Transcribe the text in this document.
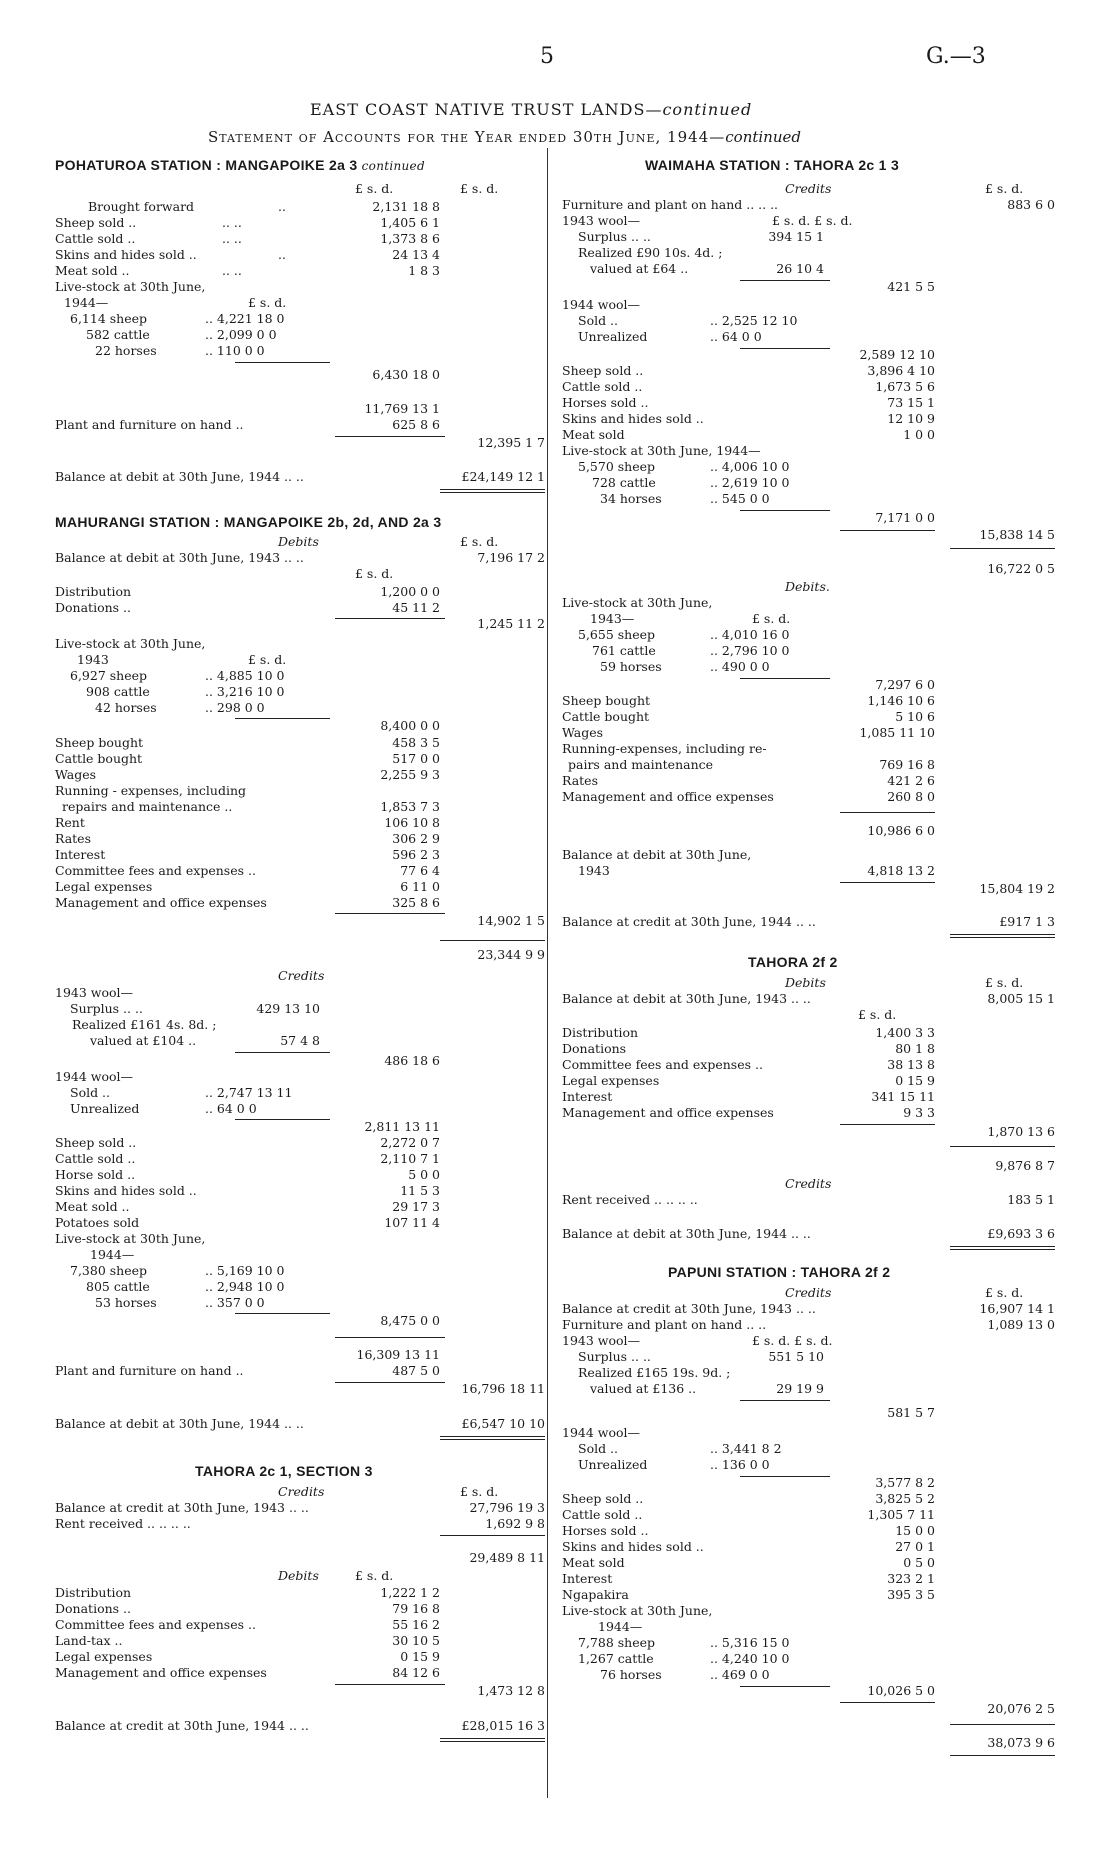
5	G.—3
EAST COAST NATIVE TRUST LANDS—continued
Statement of Accounts for the Year ended 30th June, 1944—continued
POHATUROA STATION : MANGAPOIKE 2a 3 continued
£ s. d.	£ s. d.
Brought forward	..	2,131 18 8
Sheep sold ..	.. ..	1,405 6 1
Cattle sold ..	.. ..	1,373 8 6
Skins and hides sold ..	..	24 13 4
Meat sold ..	.. ..	1 8 3
Live-stock at 30th June,
1944—	£ s. d.
6,114 sheep	.. 4,221 18 0
582 cattle	.. 2,099 0 0
22 horses	.. 110 0 0
6,430 18 0
11,769 13 1
Plant and furniture on hand ..	625 8 6
12,395 1 7
Balance at debit at 30th June, 1944 .. ..	£24,149 12 1
MAHURANGI STATION : MANGAPOIKE 2b, 2d, AND 2a 3
Debits	£ s. d.
Balance at debit at 30th June, 1943 .. ..	7,196 17 2
£ s. d.
Distribution	1,200 0 0
Donations ..	45 11 2
1,245 11 2
Live-stock at 30th June,
1943	£ s. d.
6,927 sheep	.. 4,885 10 0
908 cattle	.. 3,216 10 0
42 horses	.. 298 0 0
8,400 0 0
Sheep bought	458 3 5
Cattle bought	517 0 0
Wages	2,255 9 3
Running - expenses, including
repairs and maintenance ..	1,853 7 3
Rent	106 10 8
Rates	306 2 9
Interest	596 2 3
Committee fees and expenses ..	77 6 4
Legal expenses	6 11 0
Management and office expenses	325 8 6
14,902 1 5
23,344 9 9
Credits
1943 wool—
Surplus .. ..	429 13 10
Realized £161 4s. 8d. ;
valued at £104 ..	57 4 8
486 18 6
1944 wool—
Sold ..	.. 2,747 13 11
Unrealized	.. 64 0 0
2,811 13 11
Sheep sold ..	2,272 0 7
Cattle sold ..	2,110 7 1
Horse sold ..	5 0 0
Skins and hides sold ..	11 5 3
Meat sold ..	29 17 3
Potatoes sold	107 11 4
Live-stock at 30th June,
1944—
7,380 sheep	.. 5,169 10 0
805 cattle	.. 2,948 10 0
53 horses	.. 357 0 0
8,475 0 0
16,309 13 11
Plant and furniture on hand ..	487 5 0
16,796 18 11
Balance at debit at 30th June, 1944 .. ..	£6,547 10 10
TAHORA 2c 1, SECTION 3
Credits	£ s. d.
Balance at credit at 30th June, 1943 .. ..	27,796 19 3
Rent received .. .. .. ..	1,692 9 8
29,489 8 11
Debits	£ s. d.
Distribution	1,222 1 2
Donations ..	79 16 8
Committee fees and expenses ..	55 16 2
Land-tax ..	30 10 5
Legal expenses	0 15 9
Management and office expenses	84 12 6
1,473 12 8
Balance at credit at 30th June, 1944 .. ..	£28,015 16 3
WAIMAHA STATION : TAHORA 2c 1 3
Credits	£ s. d.
Furniture and plant on hand .. .. ..	883 6 0
1943 wool—	£ s. d. £ s. d.
Surplus .. ..	394 15 1
Realized £90 10s. 4d. ;
valued at £64 ..	26 10 4
421 5 5
1944 wool—
Sold ..	.. 2,525 12 10
Unrealized	.. 64 0 0
2,589 12 10
Sheep sold ..	3,896 4 10
Cattle sold ..	1,673 5 6
Horses sold ..	73 15 1
Skins and hides sold ..	12 10 9
Meat sold	1 0 0
Live-stock at 30th June, 1944—
5,570 sheep	.. 4,006 10 0
728 cattle	.. 2,619 10 0
34 horses	.. 545 0 0
7,171 0 0
15,838 14 5
16,722 0 5
Debits.
Live-stock at 30th June,
1943—	£ s. d.
5,655 sheep	.. 4,010 16 0
761 cattle	.. 2,796 10 0
59 horses	.. 490 0 0
7,297 6 0
Sheep bought	1,146 10 6
Cattle bought	5 10 6
Wages	1,085 11 10
Running-expenses, including re-
pairs and maintenance	769 16 8
Rates	421 2 6
Management and office expenses	260 8 0
10,986 6 0
Balance at debit at 30th June,
1943	4,818 13 2
15,804 19 2
Balance at credit at 30th June, 1944 .. ..	£917 1 3
TAHORA 2f 2
Debits	£ s. d.
Balance at debit at 30th June, 1943 .. ..	8,005 15 1
£ s. d.
Distribution	1,400 3 3
Donations	80 1 8
Committee fees and expenses ..	38 13 8
Legal expenses	0 15 9
Interest	341 15 11
Management and office expenses	9 3 3
1,870 13 6
9,876 8 7
Credits
Rent received .. .. .. ..	183 5 1
Balance at debit at 30th June, 1944 .. ..	£9,693 3 6
PAPUNI STATION : TAHORA 2f 2
Credits	£ s. d.
Balance at credit at 30th June, 1943 .. ..	16,907 14 1
Furniture and plant on hand .. ..	1,089 13 0
1943 wool—	£ s. d. £ s. d.
Surplus .. ..	551 5 10
Realized £165 19s. 9d. ;
valued at £136 ..	29 19 9
581 5 7
1944 wool—
Sold ..	.. 3,441 8 2
Unrealized	.. 136 0 0
3,577 8 2
Sheep sold ..	3,825 5 2
Cattle sold ..	1,305 7 11
Horses sold ..	15 0 0
Skins and hides sold ..	27 0 1
Meat sold	0 5 0
Interest	323 2 1
Ngapakira	395 3 5
Live-stock at 30th June,
1944—
7,788 sheep	.. 5,316 15 0
1,267 cattle	.. 4,240 10 0
76 horses	.. 469 0 0
10,026 5 0
20,076 2 5
38,073 9 6
